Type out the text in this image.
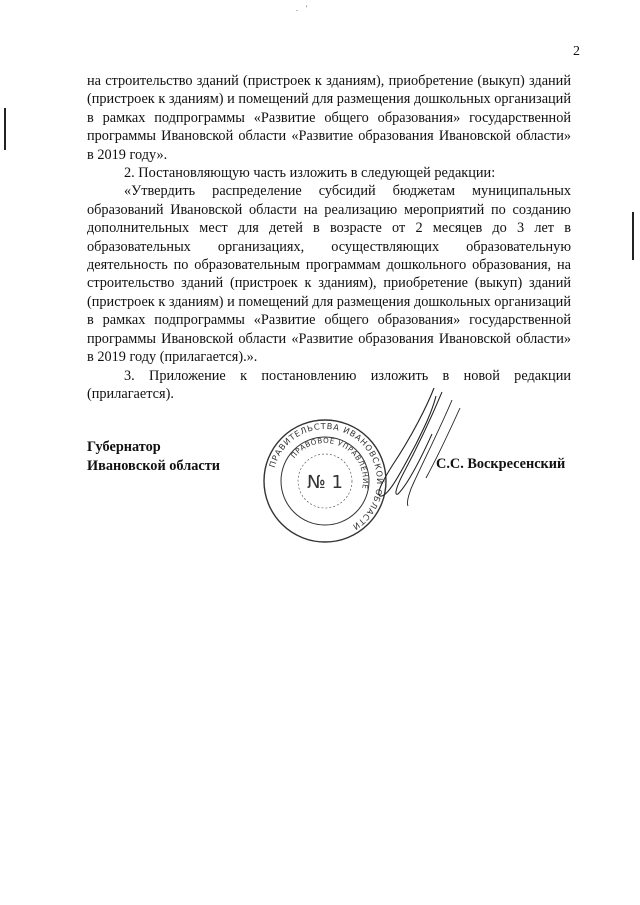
.    '
2

на строительство зданий (пристроек к зданиям), приобретение (выкуп) зданий (пристроек к зданиям) и помещений для размещения дошкольных организаций в рамках подпрограммы «Развитие общего образования» государственной программы Ивановской области «Развитие образования Ивановской области» в 2019 году».

2. Постановляющую часть изложить в следующей редакции:

«Утвердить распределение субсидий бюджетам муниципальных образований Ивановской области на реализацию мероприятий по созданию дополнительных мест для детей в возрасте от 2 месяцев до 3 лет в образовательных организациях, осуществляющих образовательную деятельность по образовательным программам дошкольного образования, на строительство зданий (пристроек к зданиям), приобретение (выкуп) зданий (пристроек к зданиям) и помещений для размещения дошкольных организаций в рамках подпрограммы «Развитие общего образования» государственной программы Ивановской области «Развитие образования Ивановской области» в 2019 году (прилагается).».

3. Приложение к постановлению изложить в новой редакции (прилагается).

Губернатор
Ивановской области	ПРАВИТЕЛЬСТВА ИВАНОВСКОЙ ОБЛАСТИ
ПРАВОВОЕ УПРАВЛЕНИЕ
№ 1
С.С. Воскресенский
